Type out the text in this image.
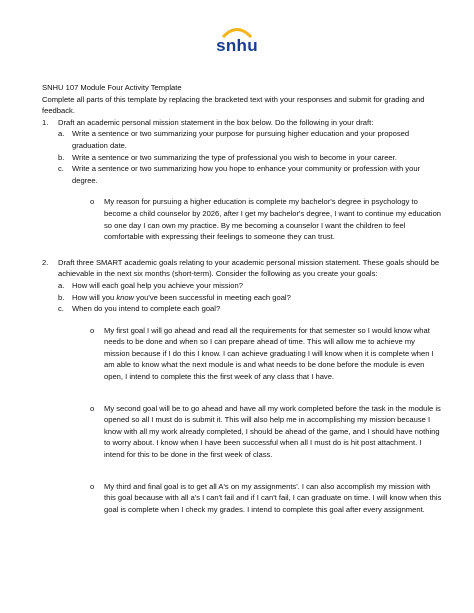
snhu

SNHU 107 Module Four Activity Template

Complete all parts of this template by replacing the bracketed text with your responses and submit for grading and feedback.

1.	Draft an academic personal mission statement in the box below. Do the following in your draft:
a.	Write a sentence or two summarizing your purpose for pursuing higher education and your proposed graduation date.
b.	Write a sentence or two summarizing the type of professional you wish to become in your career.
c.	Write a sentence or two summarizing how you hope to enhance your community or profession with your degree.
o	My reason for pursuing a higher education is complete my bachelor's degree in psychology to become a child counselor by 2026, after I get my bachelor's degree, I want to continue my education so one day I can own my practice. By me becoming a counselor I want the children to feel comfortable with expressing their feelings to someone they can trust.
2.	Draft three SMART academic goals relating to your academic personal mission statement. These goals should be achievable in the next six months (short-term). Consider the following as you create your goals:
a.	How will each goal help you achieve your mission?
b.	How will you know you've been successful in meeting each goal?
c.	When do you intend to complete each goal?
o	My first goal I will go ahead and read all the requirements for that semester so I would know what needs to be done and when so I can prepare ahead of time. This will allow me to achieve my mission because if I do this I know. I can achieve graduating I will know when it is complete when I am able to know what the next module is and what needs to be done before the module is even open, I intend to complete this the first week of any class that I have.
o	My second goal will be to go ahead and have all my work completed before the task in the module is opened so all I must do is submit it. This will also help me in accomplishing my mission because I know with all my work already completed, I should be ahead of the game, and I should have nothing to worry about. I know when I have been successful when all I must do is hit post attachment. I intend for this to be done in the first week of class.
o	My third and final goal is to get all A's on my assignments'. I can also accomplish my mission with this goal because with all a's I can't fail and if I can't fail, I can graduate on time. I will know when this goal is complete when I check my grades. I intend to complete this goal after every assignment.
